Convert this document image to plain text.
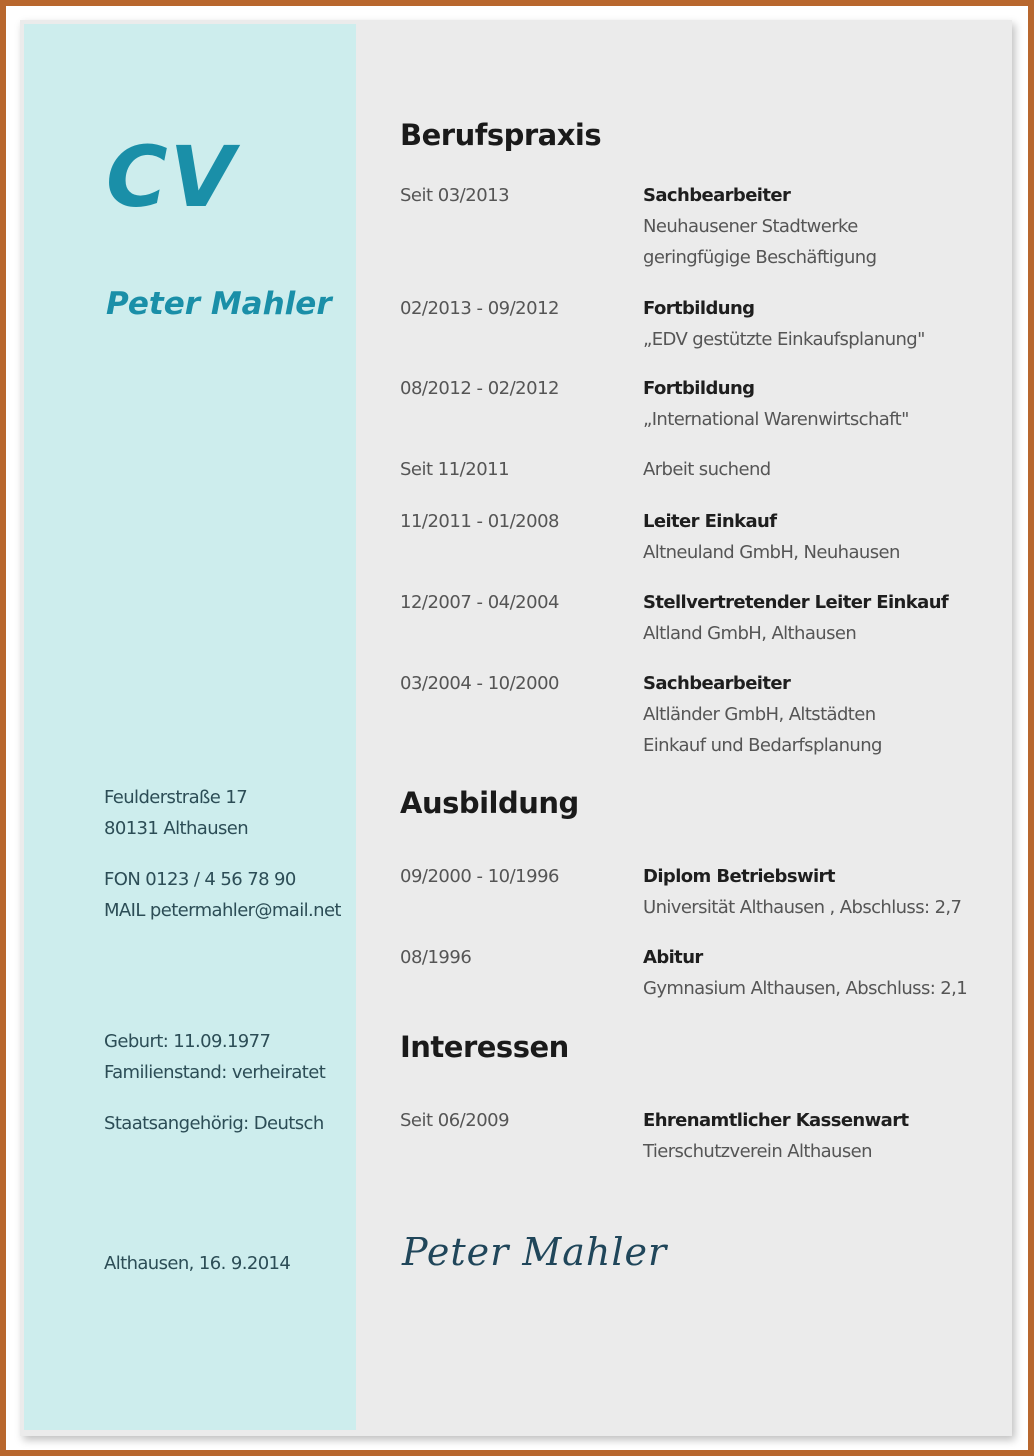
CV
Peter Mahler
Feulderstraße 17
80131 Althausen
FON 0123 / 4 56 78 90
MAIL petermahler@mail.net
Geburt: 11.09.1977
Familienstand: verheiratet
Staatsangehörig: Deutsch
Althausen, 16. 9.2014
Berufspraxis
Seit 03/2013	Sachbearbeiter
Neuhausener Stadtwerke
geringfügige Beschäftigung
02/2013 - 09/2012	Fortbildung
„EDV gestützte Einkaufsplanung"
08/2012 - 02/2012	Fortbildung
„International Warenwirtschaft"
Seit 11/2011	Arbeit suchend
11/2011 - 01/2008	Leiter Einkauf
Altneuland GmbH, Neuhausen
12/2007 - 04/2004	Stellvertretender Leiter Einkauf
Altland GmbH, Althausen
03/2004 - 10/2000	Sachbearbeiter
Altländer GmbH, Altstädten
Einkauf und Bedarfsplanung
Ausbildung
09/2000 - 10/1996	Diplom Betriebswirt
Universität Althausen , Abschluss: 2,7
08/1996	Abitur
Gymnasium Althausen, Abschluss: 2,1
Interessen
Seit 06/2009	Ehrenamtlicher Kassenwart
Tierschutzverein Althausen
Peter Mahler
